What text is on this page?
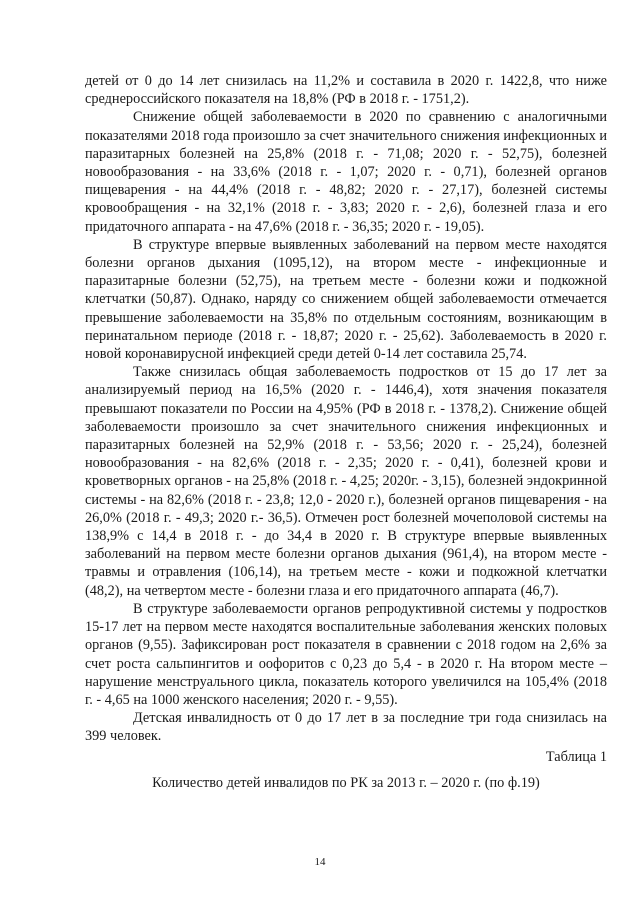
детей от 0 до 14 лет снизилась на 11,2% и составила в 2020 г. 1422,8, что ниже среднероссийского показателя на 18,8% (РФ в 2018 г. - 1751,2).

Снижение общей заболеваемости в 2020 по сравнению с аналогичными показателями 2018 года произошло за счет значительного снижения инфекционных и паразитарных болезней на 25,8% (2018 г. - 71,08; 2020 г. - 52,75), болезней новообразования - на 33,6% (2018 г. - 1,07; 2020 г. - 0,71), болезней органов пищеварения - на 44,4% (2018 г. - 48,82; 2020 г. - 27,17), болезней системы кровообращения - на 32,1% (2018 г. - 3,83; 2020 г. - 2,6), болезней глаза и его придаточного аппарата - на 47,6% (2018 г. - 36,35; 2020 г. - 19,05).

В структуре впервые выявленных заболеваний на первом месте находятся болезни органов дыхания (1095,12), на втором месте - инфекционные и паразитарные болезни (52,75), на третьем месте - болезни кожи и подкожной клетчатки (50,87). Однако, наряду со снижением общей заболеваемости отмечается превышение заболеваемости на 35,8% по отдельным состояниям, возникающим в перинатальном периоде (2018 г. - 18,87; 2020 г. - 25,62). Заболеваемость в 2020 г. новой коронавирусной инфекцией среди детей 0-14 лет составила 25,74.

Также снизилась общая заболеваемость подростков от 15 до 17 лет за анализируемый период на 16,5% (2020 г. - 1446,4), хотя значения показателя превышают показатели по России на 4,95% (РФ в 2018 г. - 1378,2). Снижение общей заболеваемости произошло за счет значительного снижения инфекционных и паразитарных болезней на 52,9% (2018 г. - 53,56; 2020 г. - 25,24), болезней новообразования - на 82,6% (2018 г. - 2,35; 2020 г. - 0,41), болезней крови и кроветворных органов - на 25,8% (2018 г. - 4,25; 2020г. - 3,15), болезней эндокринной системы - на 82,6% (2018 г. - 23,8; 12,0 - 2020 г.), болезней органов пищеварения - на 26,0% (2018 г. - 49,3; 2020 г.- 36,5). Отмечен рост болезней мочеполовой системы на 138,9% с 14,4 в 2018 г. - до 34,4 в 2020 г. В структуре впервые выявленных заболеваний на первом месте болезни органов дыхания (961,4), на втором месте - травмы и отравления (106,14), на третьем месте - кожи и подкожной клетчатки (48,2), на четвертом месте - болезни глаза и его придаточного аппарата (46,7).

В структуре заболеваемости органов репродуктивной системы у подростков 15-17 лет на первом месте находятся воспалительные заболевания женских половых органов (9,55). Зафиксирован рост показателя в сравнении с 2018 годом на 2,6% за счет роста сальпингитов и оофоритов с 0,23 до 5,4 - в 2020 г. На втором месте – нарушение менструального цикла, показатель которого увеличился на 105,4% (2018 г. - 4,65 на 1000 женского населения; 2020 г. - 9,55).

Детская инвалидность от 0 до 17 лет в за последние три года снизилась на 399 человек.

Таблица 1

Количество детей инвалидов по РК за 2013 г. – 2020 г. (по ф.19)

14
